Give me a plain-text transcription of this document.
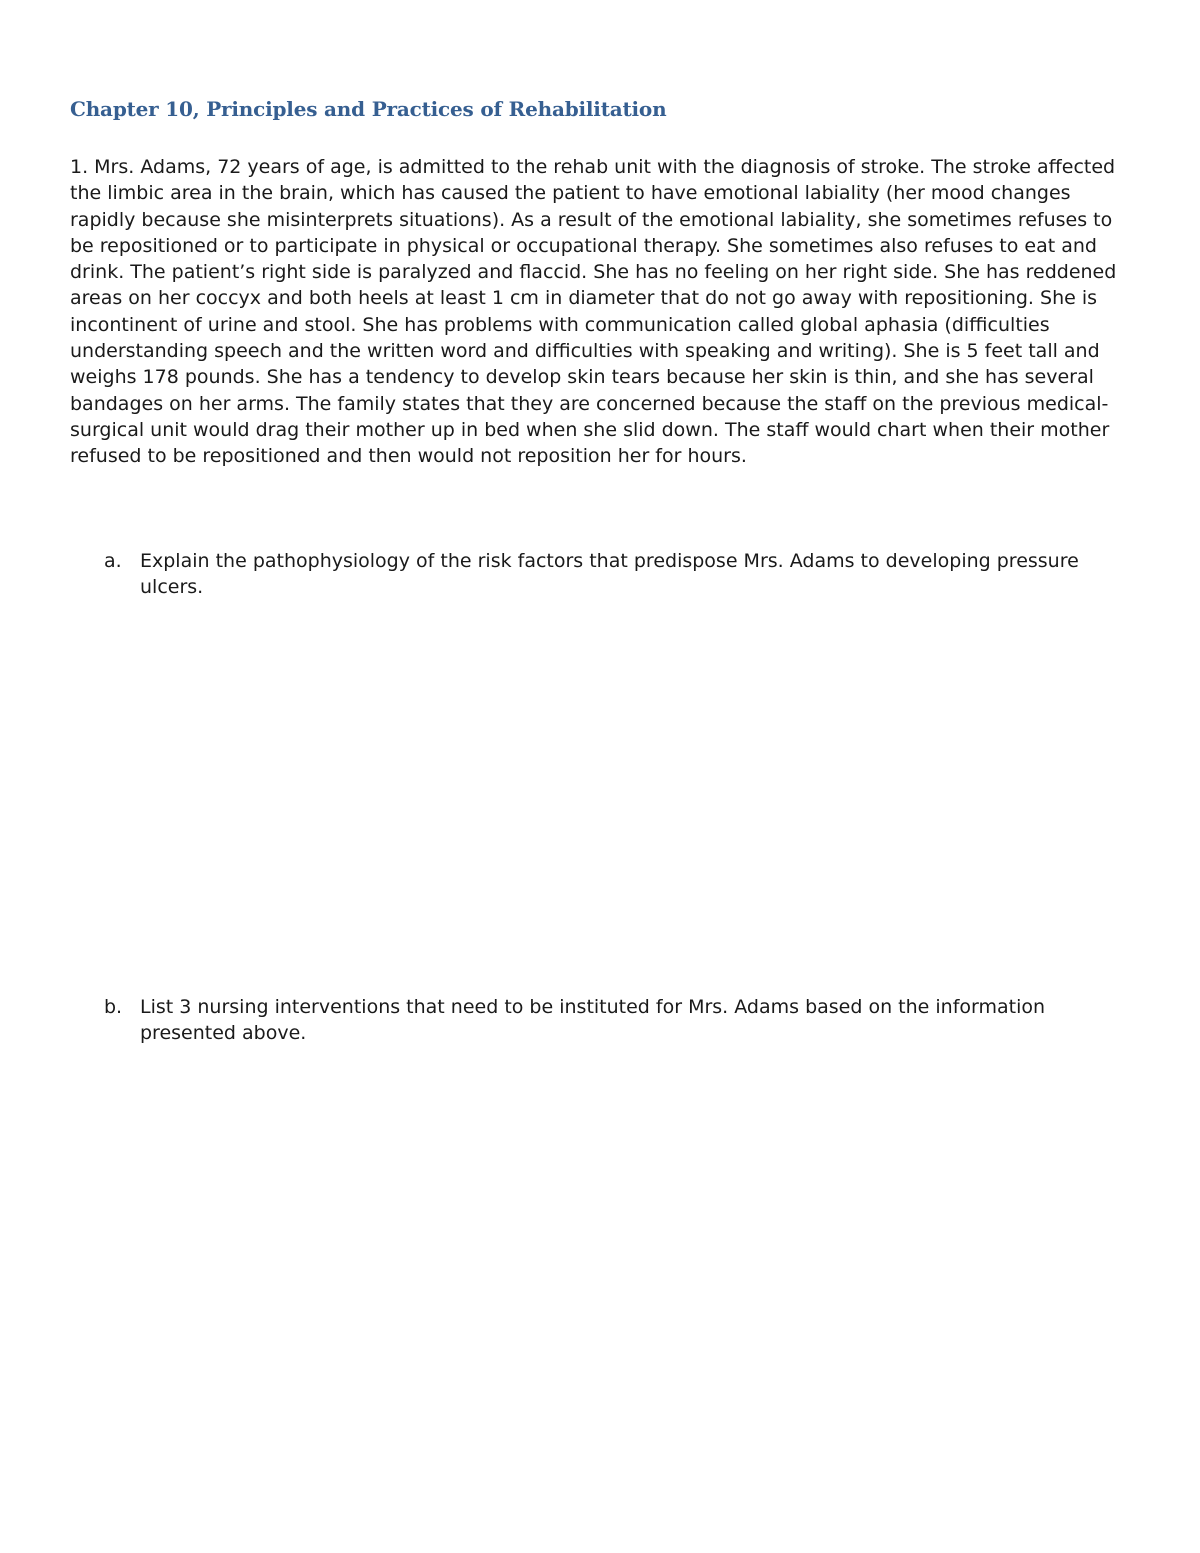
Chapter 10, Principles and Practices of Rehabilitation

1. Mrs. Adams, 72 years of age, is admitted to the rehab unit with the diagnosis of stroke. The stroke affected the limbic area in the brain, which has caused the patient to have emotional labiality (her mood changes rapidly because she misinterprets situations). As a result of the emotional labiality, she sometimes refuses to be repositioned or to participate in physical or occupational therapy. She sometimes also refuses to eat and drink. The patient’s right side is paralyzed and flaccid. She has no feeling on her right side. She has reddened areas on her coccyx and both heels at least 1 cm in diameter that do not go away with repositioning. She is incontinent of urine and stool. She has problems with communication called global aphasia (difficulties understanding speech and the written word and difficulties with speaking and writing). She is 5 feet tall and weighs 178 pounds. She has a tendency to develop skin tears because her skin is thin, and she has several bandages on her arms. The family states that they are concerned because the staff on the previous medical-surgical unit would drag their mother up in bed when she slid down. The staff would chart when their mother refused to be repositioned and then would not reposition her for hours.

a. Explain the pathophysiology of the risk factors that predispose Mrs. Adams to developing pressure ulcers.
b. List 3 nursing interventions that need to be instituted for Mrs. Adams based on the information presented above.
